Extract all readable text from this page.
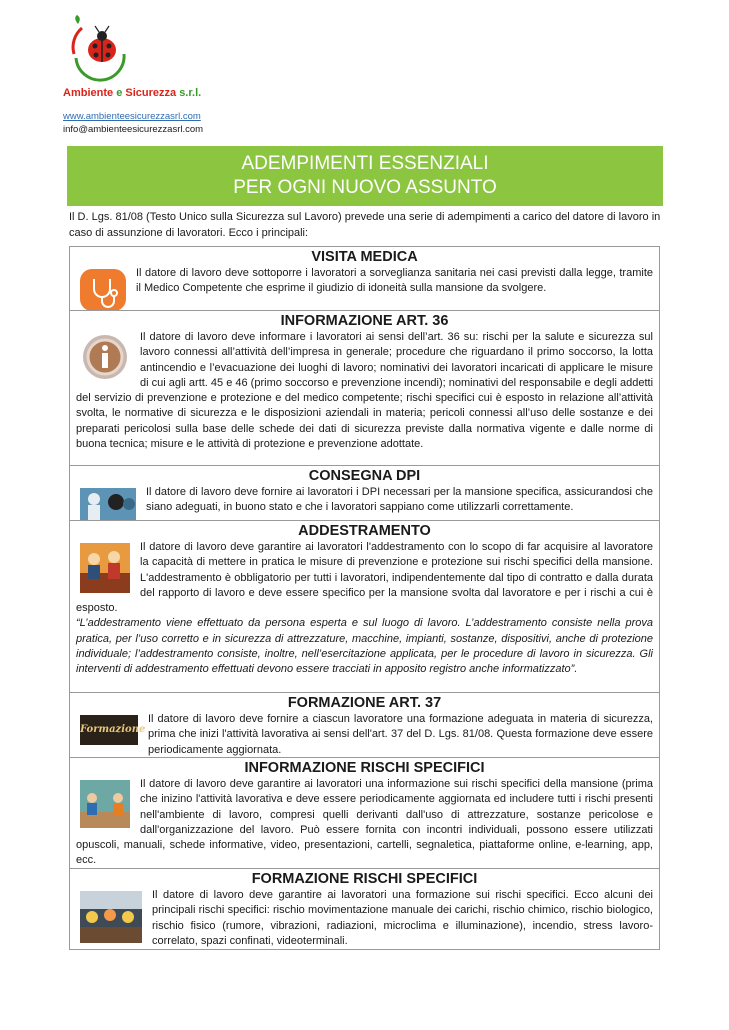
Ambiente e Sicurezza s.r.l.
www.ambienteesicurezzasrl.com
info@ambienteesicurezzasrl.com
ADEMPIMENTI ESSENZIALI
PER OGNI NUOVO ASSUNTO
Il D. Lgs. 81/08 (Testo Unico sulla Sicurezza sul Lavoro) prevede una serie di adempimenti a carico del datore di lavoro in caso di assunzione di lavoratori. Ecco i principali:
VISITA MEDICA
Il datore di lavoro deve sottoporre i lavoratori a sorveglianza sanitaria nei casi previsti dalla legge, tramite il Medico Competente che esprime il giudizio di idoneità sulla mansione da svolgere.
INFORMAZIONE ART. 36
Il datore di lavoro deve informare i lavoratori ai sensi dell’art. 36 su: rischi per la salute e sicurezza sul lavoro connessi all’attività dell’impresa in generale; procedure che riguardano il primo soccorso, la lotta antincendio e l’evacuazione dei luoghi di lavoro; nominativi dei lavoratori incaricati di applicare le misure di cui agli artt. 45 e 46 (primo soccorso e prevenzione incendi); nominativi del responsabile e degli addetti del servizio di prevenzione e protezione e del medico competente; rischi specifici cui è esposto in relazione all’attività svolta, le normative di sicurezza e le disposizioni aziendali in materia; pericoli connessi all’uso delle sostanze e dei preparati pericolosi sulla base delle schede dei dati di sicurezza previste dalla normativa vigente e dalle norme di buona tecnica; misure e le attività di protezione e prevenzione adottate.
CONSEGNA DPI
Il datore di lavoro deve fornire ai lavoratori i DPI necessari per la mansione specifica, assicurandosi che siano adeguati, in buono stato e che i lavoratori sappiano come utilizzarli correttamente.
ADDESTRAMENTO
Il datore di lavoro deve garantire ai lavoratori l'addestramento con lo scopo di far acquisire al lavoratore la capacità di mettere in pratica le misure di prevenzione e protezione sui rischi specifici della mansione. L'addestramento è obbligatorio per tutti i lavoratori, indipendentemente dal tipo di contratto e dalla durata del rapporto di lavoro e deve essere specifico per la mansione svolta dal lavoratore e per i rischi a cui è esposto.
“L’addestramento viene effettuato da persona esperta e sul luogo di lavoro. L’addestramento consiste nella prova pratica, per l’uso corretto e in sicurezza di attrezzature, macchine, impianti, sostanze, dispositivi, anche di protezione individuale; l’addestramento consiste, inoltre, nell’esercitazione applicata, per le procedure di lavoro in sicurezza. Gli interventi di addestramento effettuati devono essere tracciati in apposito registro anche informatizzato”.
FORMAZIONE ART. 37
Formazione
Il datore di lavoro deve fornire a ciascun lavoratore una formazione adeguata in materia di sicurezza, prima che inizi l'attività lavorativa ai sensi dell'art. 37 del D. Lgs. 81/08. Questa formazione deve essere periodicamente aggiornata.
INFORMAZIONE RISCHI SPECIFICI
Il datore di lavoro deve garantire ai lavoratori una informazione sui rischi specifici della mansione (prima che inizino l'attività lavorativa e deve essere periodicamente aggiornata ed includere tutti i rischi presenti nell'ambiente di lavoro, compresi quelli derivanti dall'uso di attrezzature, sostanze pericolose e dall'organizzazione del lavoro. Può essere fornita con incontri individuali, possono essere utilizzati opuscoli, manuali, schede informative, video, presentazioni, cartelli, segnaletica, piattaforme online, e-learning, app, ecc.
FORMAZIONE RISCHI SPECIFICI
Il datore di lavoro deve garantire ai lavoratori una formazione sui rischi specifici. Ecco alcuni dei principali rischi specifici: rischio movimentazione manuale dei carichi, rischio chimico, rischio biologico, rischio fisico (rumore, vibrazioni, radiazioni, microclima e illuminazione), incendio, stress lavoro-correlato, spazi confinati, videoterminali.
